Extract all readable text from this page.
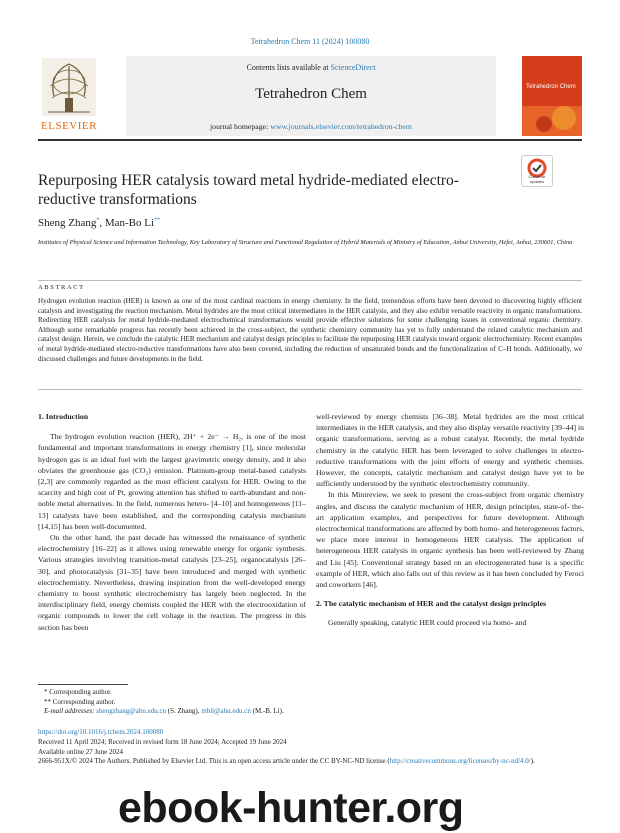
Tetrahedron Chem 11 (2024) 100080
ELSEVIER
Contents lists available at ScienceDirect
Tetrahedron Chem
journal homepage: www.journals.elsevier.com/tetrahedron-chem
Tetrahedron Chem
Check for updates
Repurposing HER catalysis toward metal hydride-mediated electro-reductive transformations
Sheng Zhang*, Man-Bo Li**
Institutes of Physical Science and Information Technology, Key Laboratory of Structure and Functional Regulation of Hybrid Materials of Ministry of Education, Anhui University, Hefei, Anhui, 230601, China
ABSTRACT
Hydrogen evolution reaction (HER) is known as one of the most cardinal reactions in energy chemistry. In the field, tremendous efforts have been devoted to discovering highly efficient catalysts and investigating the reaction mechanism. Metal hydrides are the most critical intermediates in the HER catalysis, and they also exhibit versatile reactivity in organic transformations. Redirecting HER catalysis for metal hydride-mediated electrochemical transformations would provide effective solutions for some challenging issues in conventional organic chemistry. Although some remarkable progress has recently been achieved in the cross-subject, the synthetic chemistry community has yet to fully understand the related catalytic mechanism and catalyst design. Herein, we conclude the catalytic HER mechanism and catalyst design principles to facilitate the repurposing HER catalysis toward organic electrochemistry. Recent examples of metal hydride-mediated electro-reductive transformations have also been covered, including the reduction of unsaturated bonds and the functionalization of C–H bonds. Additionally, we discussed challenges and future developments in the field.

1. Introduction

The hydrogen evolution reaction (HER), 2H⁺ + 2e⁻ → H₂, is one of the most fundamental and important transformations in energy chemistry [1], since molecular hydrogen gas is an ideal fuel with the largest gravimetric energy density, and it also obviates the greenhouse gas (CO₂) emission. Platinum-group metal-based catalysts [2,3] are commonly regarded as the most efficient catalysts for HER. Owing to the scarcity and high cost of Pt, growing attention has shifted to earth-abundant and non-noble metal alternatives. In the field, numerous hetero- [4–10] and homogeneous [11–13] catalysts have been established, and the corresponding catalysis mechanism [14,15] has been well-documented.

On the other hand, the past decade has witnessed the renaissance of synthetic electrochemistry [16–22] as it allows using renewable energy for organic synthesis. Various strategies involving transition-metal catalysis [23–25], organocatalysis [26–30], and photocatalysis [31–35] have been introduced and merged with synthetic electrochemistry. Nevertheless, drawing inspiration from the well-developed energy chemistry to boost synthetic electrochemistry has largely been neglected. In the interdisciplinary field, energy chemists coupled the HER with the electrooxidation of organic compounds to lower the cell voltage in the reaction. The progress in this section has been

well-reviewed by energy chemists [36–38]. Metal hydrides are the most critical intermediates in the HER catalysis, and they also display versatile reactivity [39–44] in organic transformations, serving as a robust catalyst. Recently, the metal hydride chemistry in the catalytic HER has been leveraged to solve challenges in electro-reductive transformations with the joint efforts of energy and synthetic chemists. However, the concepts, catalytic mechanism and catalyst design have yet to be sufficiently understood by the synthetic electrochemistry community.

In this Minireview, we seek to present the cross-subject from organic chemistry angles, and discuss the catalytic mechanism of HER, design principles, state-of- the-art application examples, and perspectives for future development. Although electrochemical transformations are affected by both homo- and heterogeneous factors, we place more interest in homogeneous HER catalysis. The application of heterogeneous HER catalysis in organic synthesis has been well-reviewed by Zhang and Liu [45]. Conventional strategy based on an electrogenerated base is a specific example of HER, which also falls out of this review as it has been concluded by Feroci and coworkers [46].

2. The catalytic mechanism of HER and the catalyst design principles

Generally speaking, catalytic HER could proceed via homo- and

* Corresponding author.
** Corresponding author.
E-mail addresses: shengzhang@ahu.edu.cn (S. Zhang), mbli@ahu.edu.cn (M.-B. Li).
https://doi.org/10.1016/j.tchem.2024.100080
Received 11 April 2024; Received in revised form 18 June 2024; Accepted 19 June 2024
Available online 27 June 2024
2666-951X/© 2024 The Authors. Published by Elsevier Ltd. This is an open access article under the CC BY-NC-ND license (http://creativecommons.org/licenses/by-nc-nd/4.0/).
ebook-hunter.org
